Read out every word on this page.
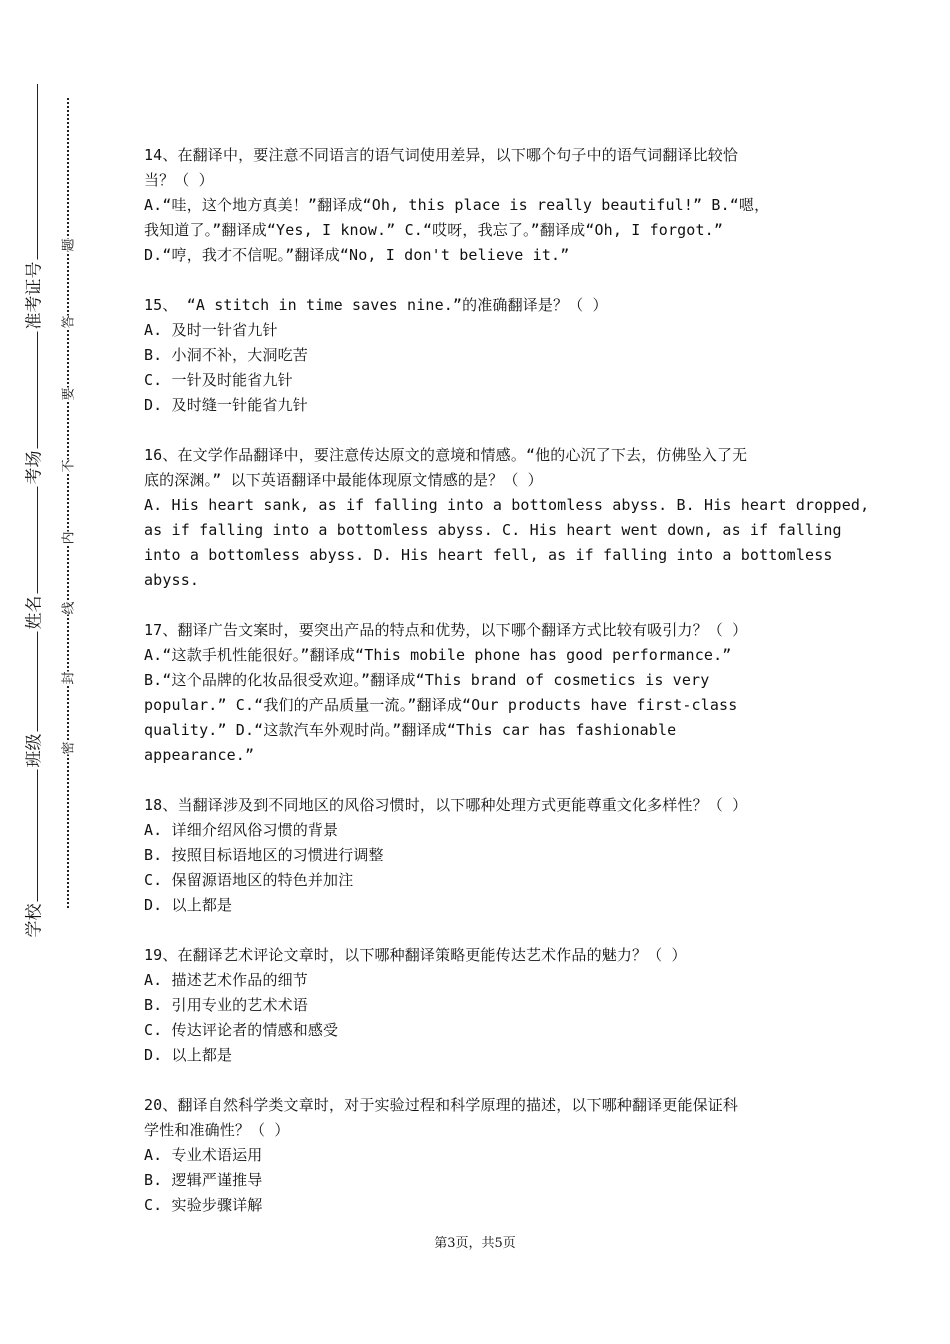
准考证号
考场
姓名
班级
学校
题
答
要
不
内
线
封
密
14、在翻译中，要注意不同语言的语气词使用差异，以下哪个句子中的语气词翻译比较恰
当？（ ）
A.“哇，这个地方真美！”翻译成“Oh, this place is really beautiful!” B.“嗯，
我知道了。”翻译成“Yes, I know.” C.“哎呀，我忘了。”翻译成“Oh, I forgot.”
D.“哼，我才不信呢。”翻译成“No, I don't believe it.”
15、 “A stitch in time saves nine.”的准确翻译是？（ ）
A. 及时一针省九针
B. 小洞不补，大洞吃苦
C. 一针及时能省九针
D. 及时缝一针能省九针
16、在文学作品翻译中，要注意传达原文的意境和情感。“他的心沉了下去，仿佛坠入了无
底的深渊。” 以下英语翻译中最能体现原文情感的是？（ ）
A. His heart sank, as if falling into a bottomless abyss. B. His heart dropped,
as if falling into a bottomless abyss. C. His heart went down, as if falling
into a bottomless abyss. D. His heart fell, as if falling into a bottomless
abyss.
17、翻译广告文案时，要突出产品的特点和优势，以下哪个翻译方式比较有吸引力？（ ）
A.“这款手机性能很好。”翻译成“This mobile phone has good performance.”
B.“这个品牌的化妆品很受欢迎。”翻译成“This brand of cosmetics is very
popular.” C.“我们的产品质量一流。”翻译成“Our products have first-class
quality.” D.“这款汽车外观时尚。”翻译成“This car has fashionable
appearance.”
18、当翻译涉及到不同地区的风俗习惯时，以下哪种处理方式更能尊重文化多样性？（ ）
A. 详细介绍风俗习惯的背景
B. 按照目标语地区的习惯进行调整
C. 保留源语地区的特色并加注
D. 以上都是
19、在翻译艺术评论文章时，以下哪种翻译策略更能传达艺术作品的魅力？（ ）
A. 描述艺术作品的细节
B. 引用专业的艺术术语
C. 传达评论者的情感和感受
D. 以上都是
20、翻译自然科学类文章时，对于实验过程和科学原理的描述，以下哪种翻译更能保证科
学性和准确性？（ ）
A. 专业术语运用
B. 逻辑严谨推导
C. 实验步骤详解
第3页，共5页
